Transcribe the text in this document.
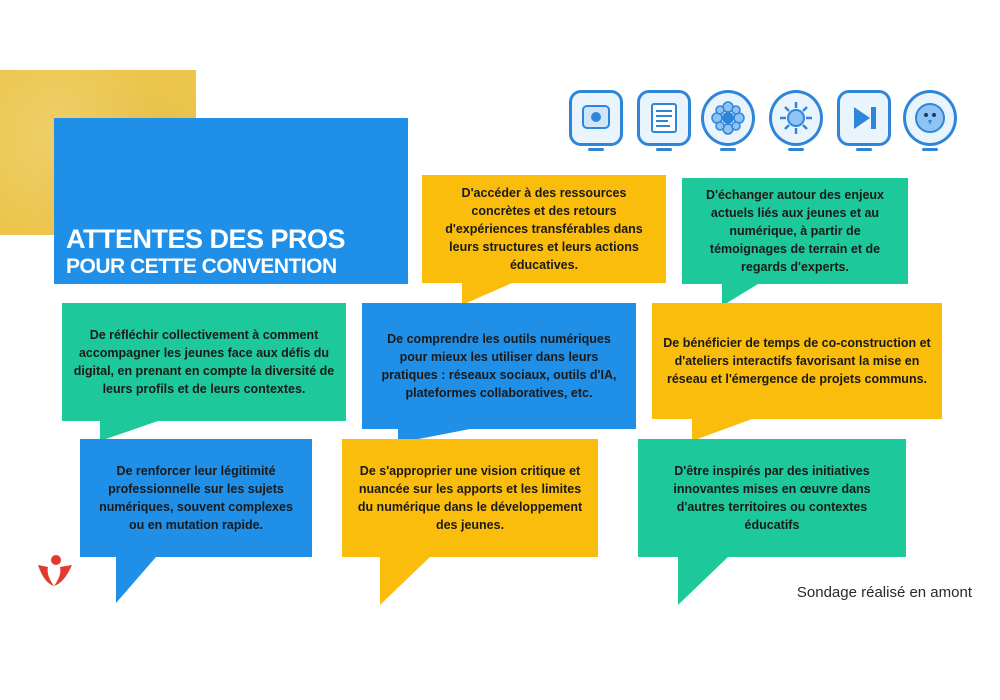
ATTENTES DES PROS
POUR CETTE CONVENTION
D'accéder à des ressources concrètes et des retours d'expériences transférables dans leurs structures et leurs actions éducatives.
D'échanger autour des enjeux actuels liés aux jeunes et au numérique, à partir de témoignages de terrain et de regards d'experts.
De réfléchir collectivement à comment accompagner les jeunes face aux défis du digital, en prenant en compte la diversité de leurs profils et de leurs contextes.
De comprendre les outils numériques pour mieux les utiliser dans leurs pratiques : réseaux sociaux, outils d'IA, plateformes collaboratives, etc.
De bénéficier de temps de co-construction et d'ateliers interactifs favorisant la mise en réseau et l'émergence de projets communs.
De renforcer leur légitimité professionnelle sur les sujets numériques, souvent complexes ou en mutation rapide.
De s'approprier une vision critique et nuancée sur les apports et les limites du numérique dans le développement des jeunes.
D'être inspirés par des initiatives innovantes mises en œuvre dans d'autres territoires ou contextes éducatifs
Sondage réalisé en amont
